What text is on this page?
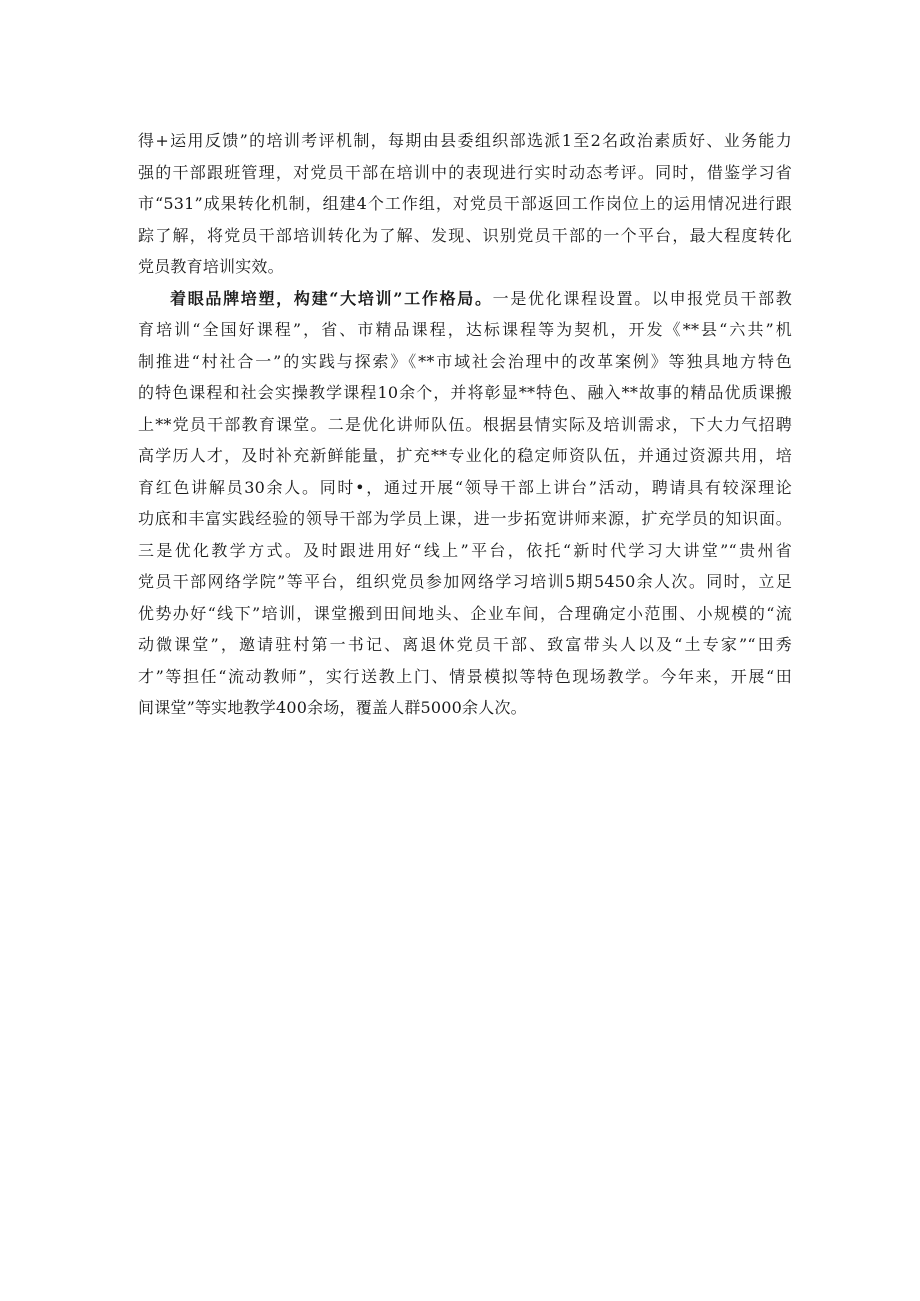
得+运用反馈”的培训考评机制，每期由县委组织部选派1至2名政治素质好、业务能力
强的干部跟班管理，对党员干部在培训中的表现进行实时动态考评。同时，借鉴学习省
市“531”成果转化机制，组建4个工作组，对党员干部返回工作岗位上的运用情况进行跟
踪了解，将党员干部培训转化为了解、发现、识别党员干部的一个平台，最大程度转化
党员教育培训实效。
着眼品牌培塑，构建“大培训”工作格局。一是优化课程设置。以申报党员干部教
育培训“全国好课程”，省、市精品课程，达标课程等为契机，开发《**县“六共”机
制推进“村社合一”的实践与探索》《**市域社会治理中的改革案例》等独具地方特色
的特色课程和社会实操教学课程10余个，并将彰显**特色、融入**故事的精品优质课搬
上**党员干部教育课堂。二是优化讲师队伍。根据县情实际及培训需求，下大力气招聘
高学历人才，及时补充新鲜能量，扩充**专业化的稳定师资队伍，并通过资源共用，培
育红色讲解员30余人。同时•，通过开展“领导干部上讲台”活动，聘请具有较深理论
功底和丰富实践经验的领导干部为学员上课，进一步拓宽讲师来源，扩充学员的知识面。
三是优化教学方式。及时跟进用好“线上”平台，依托“新时代学习大讲堂”“贵州省
党员干部网络学院”等平台，组织党员参加网络学习培训5期5450余人次。同时，立足
优势办好“线下”培训，课堂搬到田间地头、企业车间，合理确定小范围、小规模的“流
动微课堂”，邀请驻村第一书记、离退休党员干部、致富带头人以及“土专家”“田秀
才”等担任“流动教师”，实行送教上门、情景模拟等特色现场教学。今年来，开展“田
间课堂”等实地教学400余场，覆盖人群5000余人次。
